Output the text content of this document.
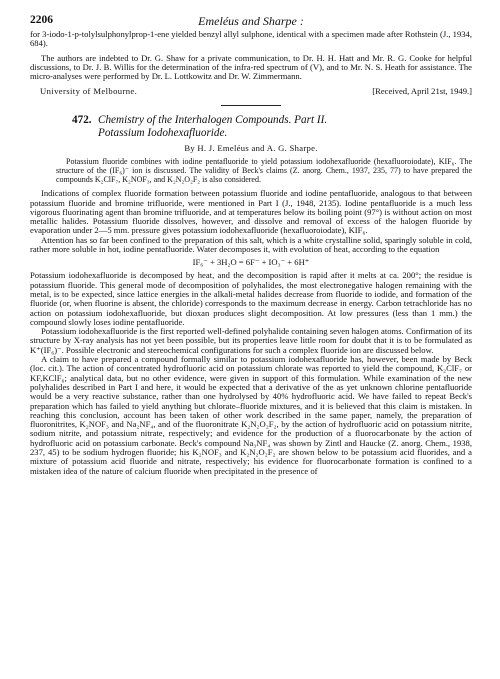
2206	Emeléus and Sharpe :

for 3-iodo-1-p-tolylsulphonylprop-1-ene yielded benzyl allyl sulphone, identical with a specimen made after Rothstein (J., 1934, 684).

The authors are indebted to Dr. G. Shaw for a private communication, to Dr. H. H. Hatt and Mr. R. G. Cooke for helpful discussions, to Dr. J. B. Willis for the determination of the infra-red spectrum of (V), and to Mr. N. S. Heath for assistance. The micro-analyses were performed by Dr. L. Lottkowitz and Dr. W. Zimmermann.

University of Melbourne.	[Received, April 21st, 1949.]
472. Chemistry of the Interhalogen Compounds. Part II.
Potassium Iodohexafluoride.
By H. J. Emeléus and A. G. Sharpe.

Potassium fluoride combines with iodine pentafluoride to yield potassium iodohexafluoride (hexafluoroiodate), KIF₆. The structure of the (IF₆)⁻ ion is discussed. The validity of Beck's claims (Z. anorg. Chem., 1937, 235, 77) to have prepared the compounds K₂ClF₇, K₂NOF₃, and K₂N₂O₂F₂ is also considered.

Indications of complex fluoride formation between potassium fluoride and iodine pentafluoride, analogous to that between potassium fluoride and bromine trifluoride, were mentioned in Part I (J., 1948, 2135). Iodine pentafluoride is a much less vigorous fluorinating agent than bromine trifluoride, and at temperatures below its boiling point (97°) is without action on most metallic halides. Potassium fluoride dissolves, however, and dissolve and removal of excess of the halogen fluoride by evaporation under 2—5 mm. pressure gives potassium iodohexafluoride (hexafluoroiodate), KIF₆.

Attention has so far been confined to the preparation of this salt, which is a white crystalline solid, sparingly soluble in cold, rather more soluble in hot, iodine pentafluoride. Water decomposes it, with evolution of heat, according to the equation

IF₆⁻ + 3H₂O = 6F⁻ + IO₃⁻ + 6H⁺

Potassium iodohexafluoride is decomposed by heat, and the decomposition is rapid after it melts at ca. 200°; the residue is potassium fluoride. This general mode of decomposition of polyhalides, the most electronegative halogen remaining with the metal, is to be expected, since lattice energies in the alkali-metal halides decrease from fluoride to iodide, and formation of the fluoride (or, when fluorine is absent, the chloride) corresponds to the maximum decrease in energy. Carbon tetrachloride has no action on potassium iodohexafluoride, but dioxan produces slight decomposition. At low pressures (less than 1 mm.) the compound slowly loses iodine pentafluoride.

Potassium iodohexafluoride is the first reported well-defined polyhalide containing seven halogen atoms. Confirmation of its structure by X-ray analysis has not yet been possible, but its properties leave little room for doubt that it is to be formulated as K⁺(IF₆)⁻. Possible electronic and stereochemical configurations for such a complex fluoride ion are discussed below.

A claim to have prepared a compound formally similar to potassium iodohexafluoride has, however, been made by Beck (loc. cit.). The action of concentrated hydrofluoric acid on potassium chlorate was reported to yield the compound, K₂ClF₇ or KF,KClF₆; analytical data, but no other evidence, were given in support of this formulation. While examination of the new polyhalides described in Part I and here, it would be expected that a derivative of the as yet unknown chlorine pentafluoride would be a very reactive substance, rather than one hydrolysed by 40% hydrofluoric acid. We have failed to repeat Beck's preparation which has failed to yield anything but chlorate–fluoride mixtures, and it is believed that this claim is mistaken. In reaching this conclusion, account has been taken of other work described in the same paper, namely, the preparation of fluoronitrites, K₂NOF₃ and Na₂NF₄, and of the fluoronitrate K₂N₂O₂F₂, by the action of hydrofluoric acid on potassium nitrite, sodium nitrite, and potassium nitrate, respectively; and evidence for the production of a fluorocarbonate by the action of hydrofluoric acid on potassium carbonate. Beck's compound Na₃NF₄ was shown by Zintl and Haucke (Z. anorg. Chem., 1938, 237, 45) to be sodium hydrogen fluoride; his K₂NOF₃ and K₂N₂O₂F₂ are shown below to be potassium acid fluorides, and a mixture of potassium acid fluoride and nitrate, respectively; his evidence for fluorocarbonate formation is confined to a mistaken idea of the nature of calcium fluoride when precipitated in the presence of
